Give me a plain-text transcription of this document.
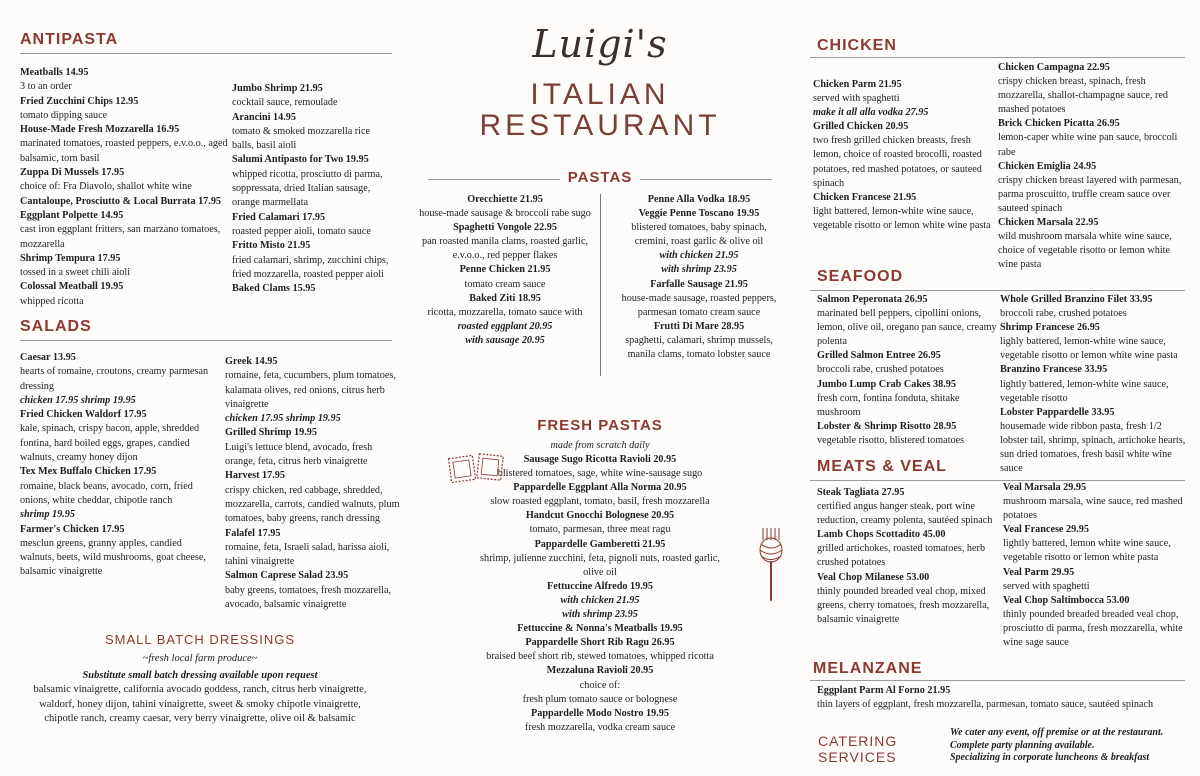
Luigi's
ITALIAN
RESTAURANT
ANTIPASTA
Meatballs 14.95
3 to an order
Fried Zucchini Chips 12.95
tomato dipping sauce
House-Made Fresh Mozzarella 16.95
marinated tomatoes, roasted peppers, e.v.o.o., aged balsamic, torn basil
Zuppa Di Mussels 17.95
choice of: Fra Diavolo, shallot white wine
Cantaloupe, Prosciutto & Local Burrata 17.95
Eggplant Polpette 14.95
cast iron eggplant fritters, san marzano tomatoes, mozzarella
Shrimp Tempura 17.95
tossed in a sweet chili aioli
Colossal Meatball 19.95
whipped ricotta
Jumbo Shrimp 21.95
cocktail sauce, remoulade
Arancini 14.95
tomato & smoked mozzarella rice balls, basil aioli
Salumi Antipasto for Two 19.95
whipped ricotta, prosciutto di parma, soppressata, dried Italian sausage, orange marmellata
Fried Calamari 17.95
roasted pepper aioli, tomato sauce
Fritto Misto 21.95
fried calamari, shrimp, zucchini chips, fried mozzarella, roasted pepper aioli
Baked Clams 15.95
SALADS
Caesar 13.95
hearts of romaine, croutons, creamy parmesan dressing
chicken 17.95 shrimp 19.95
Fried Chicken Waldorf 17.95
kale, spinach, crispy bacon, apple, shredded fontina, hard boiled eggs, grapes, candied walnuts, creamy honey dijon
Tex Mex Buffalo Chicken 17.95
romaine, black beans, avocado, corn, fried onions, white cheddar, chipotle ranch
shrimp 19.95
Farmer's Chicken 17.95
mesclun greens, granny apples, candied walnuts, beets, wild mushrooms, goat cheese, balsamic vinaigrette
Greek 14.95
romaine, feta, cucumbers, plum tomatoes, kalamata olives, red onions, citrus herb vinaigrette
chicken 17.95 shrimp 19.95
Grilled Shrimp 19.95
Luigi's lettuce blend, avocado, fresh orange, feta, citrus herb vinaigrette
Harvest 17.95
crispy chicken, red cabbage, shredded, mozzarella, carrots, candied walnuts, plum tomatoes, baby greens, ranch dressing
Falafel 17.95
romaine, feta, Israeli salad, harissa aioli, tahini vinaigrette
Salmon Caprese Salad 23.95
baby greens, tomatoes, fresh mozzarella, avocado, balsamic vinaigrette
SMALL BATCH DRESSINGS
~fresh local farm produce~
Substitute small batch dressing available upon request
balsamic vinaigrette, california avocado goddess, ranch, citrus herb vinaigrette,
waldorf, honey dijon, tahini vinaigrette, sweet & smoky chipotle vinaigrette,
chipotle ranch, creamy caesar, very berry vinaigrette, olive oil & balsamic
PASTAS
Orecchiette 21.95
house-made sausage & broccoli rabe sugo
Spaghetti Vongole 22.95
pan roasted manila clams, roasted garlic,
e.v.o.o., red pepper flakes
Penne Chicken 21.95
tomato cream sauce
Baked Ziti 18.95
ricotta, mozzarella, tomato sauce with
roasted eggplant 20.95
with sausage 20.95
Penne Alla Vodka 18.95
Veggie Penne Toscano 19.95
blistered tomatoes, baby spinach,
cremini, roast garlic & olive oil
with chicken 21.95
with shrimp 23.95
Farfalle Sausage 21.95
house-made sausage, roasted peppers,
parmesan tomato cream sauce
Frutti Di Mare 28.95
spaghetti, calamari, shrimp mussels,
manila clams, tomato lobster sauce
FRESH PASTAS
made from scratch daily
Sausage Sugo Ricotta Ravioli 20.95
blistered tomatoes, sage, white wine-sausage sugo
Pappardelle Eggplant Alla Norma 20.95
slow roasted eggplant, tomato, basil, fresh mozzarella
Handcut Gnocchi Bolognese 20.95
tomato, parmesan, three meat ragu
Pappardelle Gamberetti 21.95
shrimp, julienne zucchini, feta, pignoli nuts, roasted garlic,
olive oil
Fettuccine Alfredo 19.95
with chicken 21.95
with shrimp 23.95
Fettuccine & Nonna's Meatballs 19.95
Pappardelle Short Rib Ragu 26.95
braised beef short rib, stewed tomatoes, whipped ricotta
Mezzaluna Ravioli 20.95
choice of:
fresh plum tomato sauce or bolognese
Pappardelle Modo Nostro 19.95
fresh mozzarella, vodka cream sauce
CHICKEN
Chicken Parm 21.95
served with spaghetti
make it all alla vodka 27.95
Grilled Chicken 20.95
two fresh grilled chicken breasts, fresh lemon, choice of roasted brocolli, roasted potatoes, red mashed potatoes, or sauteed spinach
Chicken Francese 21.95
light battered, lemon-white wine sauce, vegetable risotto or lemon white wine pasta
Chicken Campagna 22.95
crispy chicken breast, spinach, fresh mozzarella, shallot-champagne sauce, red mashed potatoes
Brick Chicken Picatta 26.95
lemon-caper white wine pan sauce, broccoli rabe
Chicken Emiglia 24.95
crispy chicken breast layered with parmesan, parma proscuitto, truffle cream sauce over sauteed spinach
Chicken Marsala 22.95
wild mushroom marsala white wine sauce, choice of vegetable risotto or lemon white wine pasta
SEAFOOD
Salmon Peperonata 26.95
marinated bell peppers, cipollini onions, lemon, olive oil, oregano pan sauce, creamy polenta
Grilled Salmon Entree 26.95
broccoli rabe, crushed potatoes
Jumbo Lump Crab Cakes 38.95
fresh corn, fontina fonduta, shitake mushroom
Lobster & Shrimp Risotto 28.95
vegetable risotto, blistered tomatoes
Whole Grilled Branzino Filet 33.95
broccoli rabe, crushed potatoes
Shrimp Francese 26.95
lighly battered, lemon-white wine sauce, vegetable risotto or lemon white wine pasta
Branzino Francese 33.95
lightly battered, lemon-white wine sauce, vegetable risotto
Lobster Pappardelle 33.95
housemade wide ribbon pasta, fresh 1/2 lobster tail, shrimp, spinach, artichoke hearts, sun dried tomatoes, fresh basil white wine sauce
MEATS & VEAL
Steak Tagliata 27.95
certified angus hanger steak, port wine reduction, creamy polenta, sautéed spinach
Lamb Chops Scottadito 45.00
grilled artichokes, roasted tomatoes, herb crushed potatoes
Veal Chop Milanese 53.00
thinly pounded breaded veal chop, mixed greens, cherry tomatoes, fresh mozzarella, balsamic vinaigrette
Veal Marsala 29.95
mushroom marsala, wine sauce, red mashed potatoes
Veal Francese 29.95
lightly battered, lemon white wine sauce, vegetable risotto or lemon white pasta
Veal Parm 29.95
served with spaghetti
Veal Chop Saltimbocca 53.00
thinly pounded breaded breaded veal chop, prosciutto di parma, fresh mozzarella, white wine sage sauce
MELANZANE
Eggplant Parm Al Forno 21.95
thin layers of eggplant, fresh mozzarella, parmesan, tomato sauce, sautéed spinach
CATERING
SERVICES
We cater any event, off premise or at the restaurant.
Complete party planning available.
Specializing in corporate luncheons & breakfast
